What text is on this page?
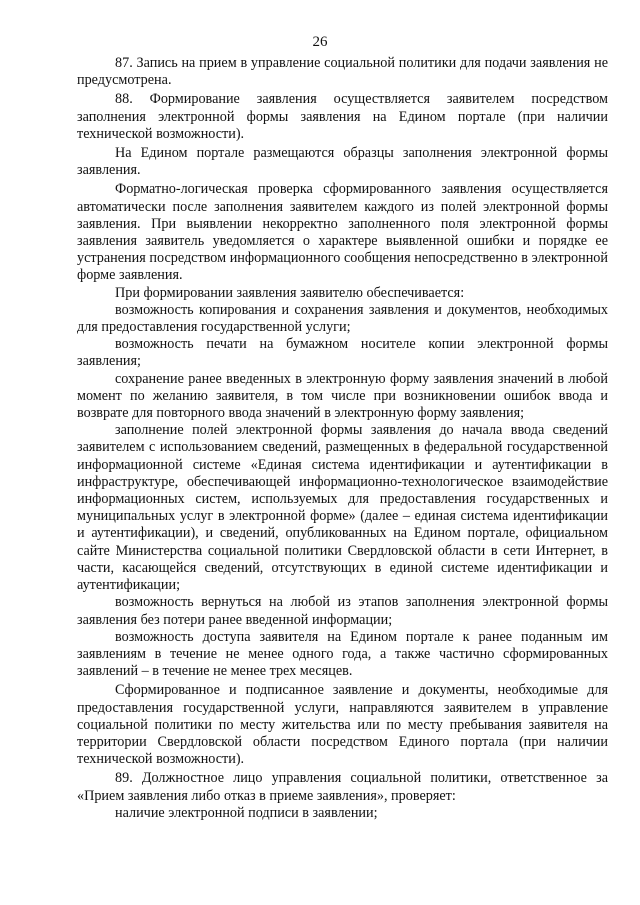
26

87. Запись на прием в управление социальной политики для подачи заявления не предусмотрена.

88. Формирование заявления осуществляется заявителем посредством заполнения электронной формы заявления на Едином портале (при наличии технической возможности).

На Едином портале размещаются образцы заполнения электронной формы заявления.

Форматно-логическая проверка сформированного заявления осуществляется автоматически после заполнения заявителем каждого из полей электронной формы заявления. При выявлении некорректно заполненного поля электронной формы заявления заявитель уведомляется о характере выявленной ошибки и порядке ее устранения посредством информационного сообщения непосредственно в электронной форме заявления.

При формировании заявления заявителю обеспечивается:

возможность копирования и сохранения заявления и документов, необходимых для предоставления государственной услуги;

возможность печати на бумажном носителе копии электронной формы заявления;

сохранение ранее введенных в электронную форму заявления значений в любой момент по желанию заявителя, в том числе при возникновении ошибок ввода и возврате для повторного ввода значений в электронную форму заявления;

заполнение полей электронной формы заявления до начала ввода сведений заявителем с использованием сведений, размещенных в федеральной государственной информационной системе «Единая система идентификации и аутентификации в инфраструктуре, обеспечивающей информационно-технологическое взаимодействие информационных систем, используемых для предоставления государственных и муниципальных услуг в электронной форме» (далее – единая система идентификации и аутентификации), и сведений, опубликованных на Едином портале, официальном сайте Министерства социальной политики Свердловской области в сети Интернет, в части, касающейся сведений, отсутствующих в единой системе идентификации и аутентификации;

возможность вернуться на любой из этапов заполнения электронной формы заявления без потери ранее введенной информации;

возможность доступа заявителя на Едином портале к ранее поданным им заявлениям в течение не менее одного года, а также частично сформированных заявлений – в течение не менее трех месяцев.

Сформированное и подписанное заявление и документы, необходимые для предоставления государственной услуги, направляются заявителем в управление социальной политики по месту жительства или по месту пребывания заявителя на территории Свердловской области посредством Единого портала (при наличии технической возможности).

89. Должностное лицо управления социальной политики, ответственное за «Прием заявления либо отказ в приеме заявления», проверяет:

наличие электронной подписи в заявлении;
